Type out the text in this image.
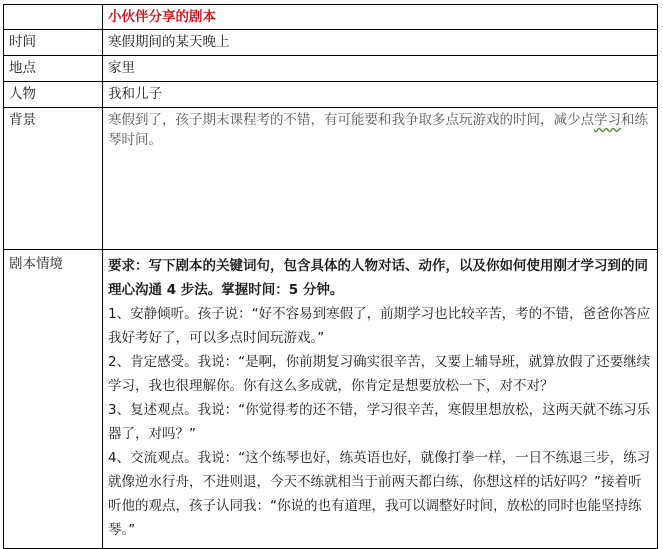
	小伙伴分享的剧本
时间	寒假期间的某天晚上
地点	家里
人物	我和儿子
背景	寒假到了，孩子期末课程考的不错，有可能要和我争取多点玩游戏的时间，减少点学习和练琴时间。
剧本情境	要求：写下剧本的关键词句，包含具体的人物对话、动作，以及你如何使用刚才学习到的同理心沟通 4 步法。掌握时间：5 分钟。

1、安静倾听。孩子说：“好不容易到寒假了，前期学习也比较辛苦，考的不错，爸爸你答应我好考好了，可以多点时间玩游戏。”

2、肯定感受。我说：“是啊，你前期复习确实很辛苦，又要上辅导班，就算放假了还要继续学习，我也很理解你。你有这么多成就，你肯定是想要放松一下，对不对？

3、复述观点。我说：“你觉得考的还不错，学习很辛苦，寒假里想放松，这两天就不练习乐器了，对吗？”

4、交流观点。我说：“这个练琴也好，练英语也好，就像打拳一样，一日不练退三步，练习就像逆水行舟，不进则退，今天不练就相当于前两天都白练，你想这样的话好吗？”接着听听他的观点，孩子认同我：“你说的也有道理，我可以调整好时间，放松的同时也能坚持练琴。”
